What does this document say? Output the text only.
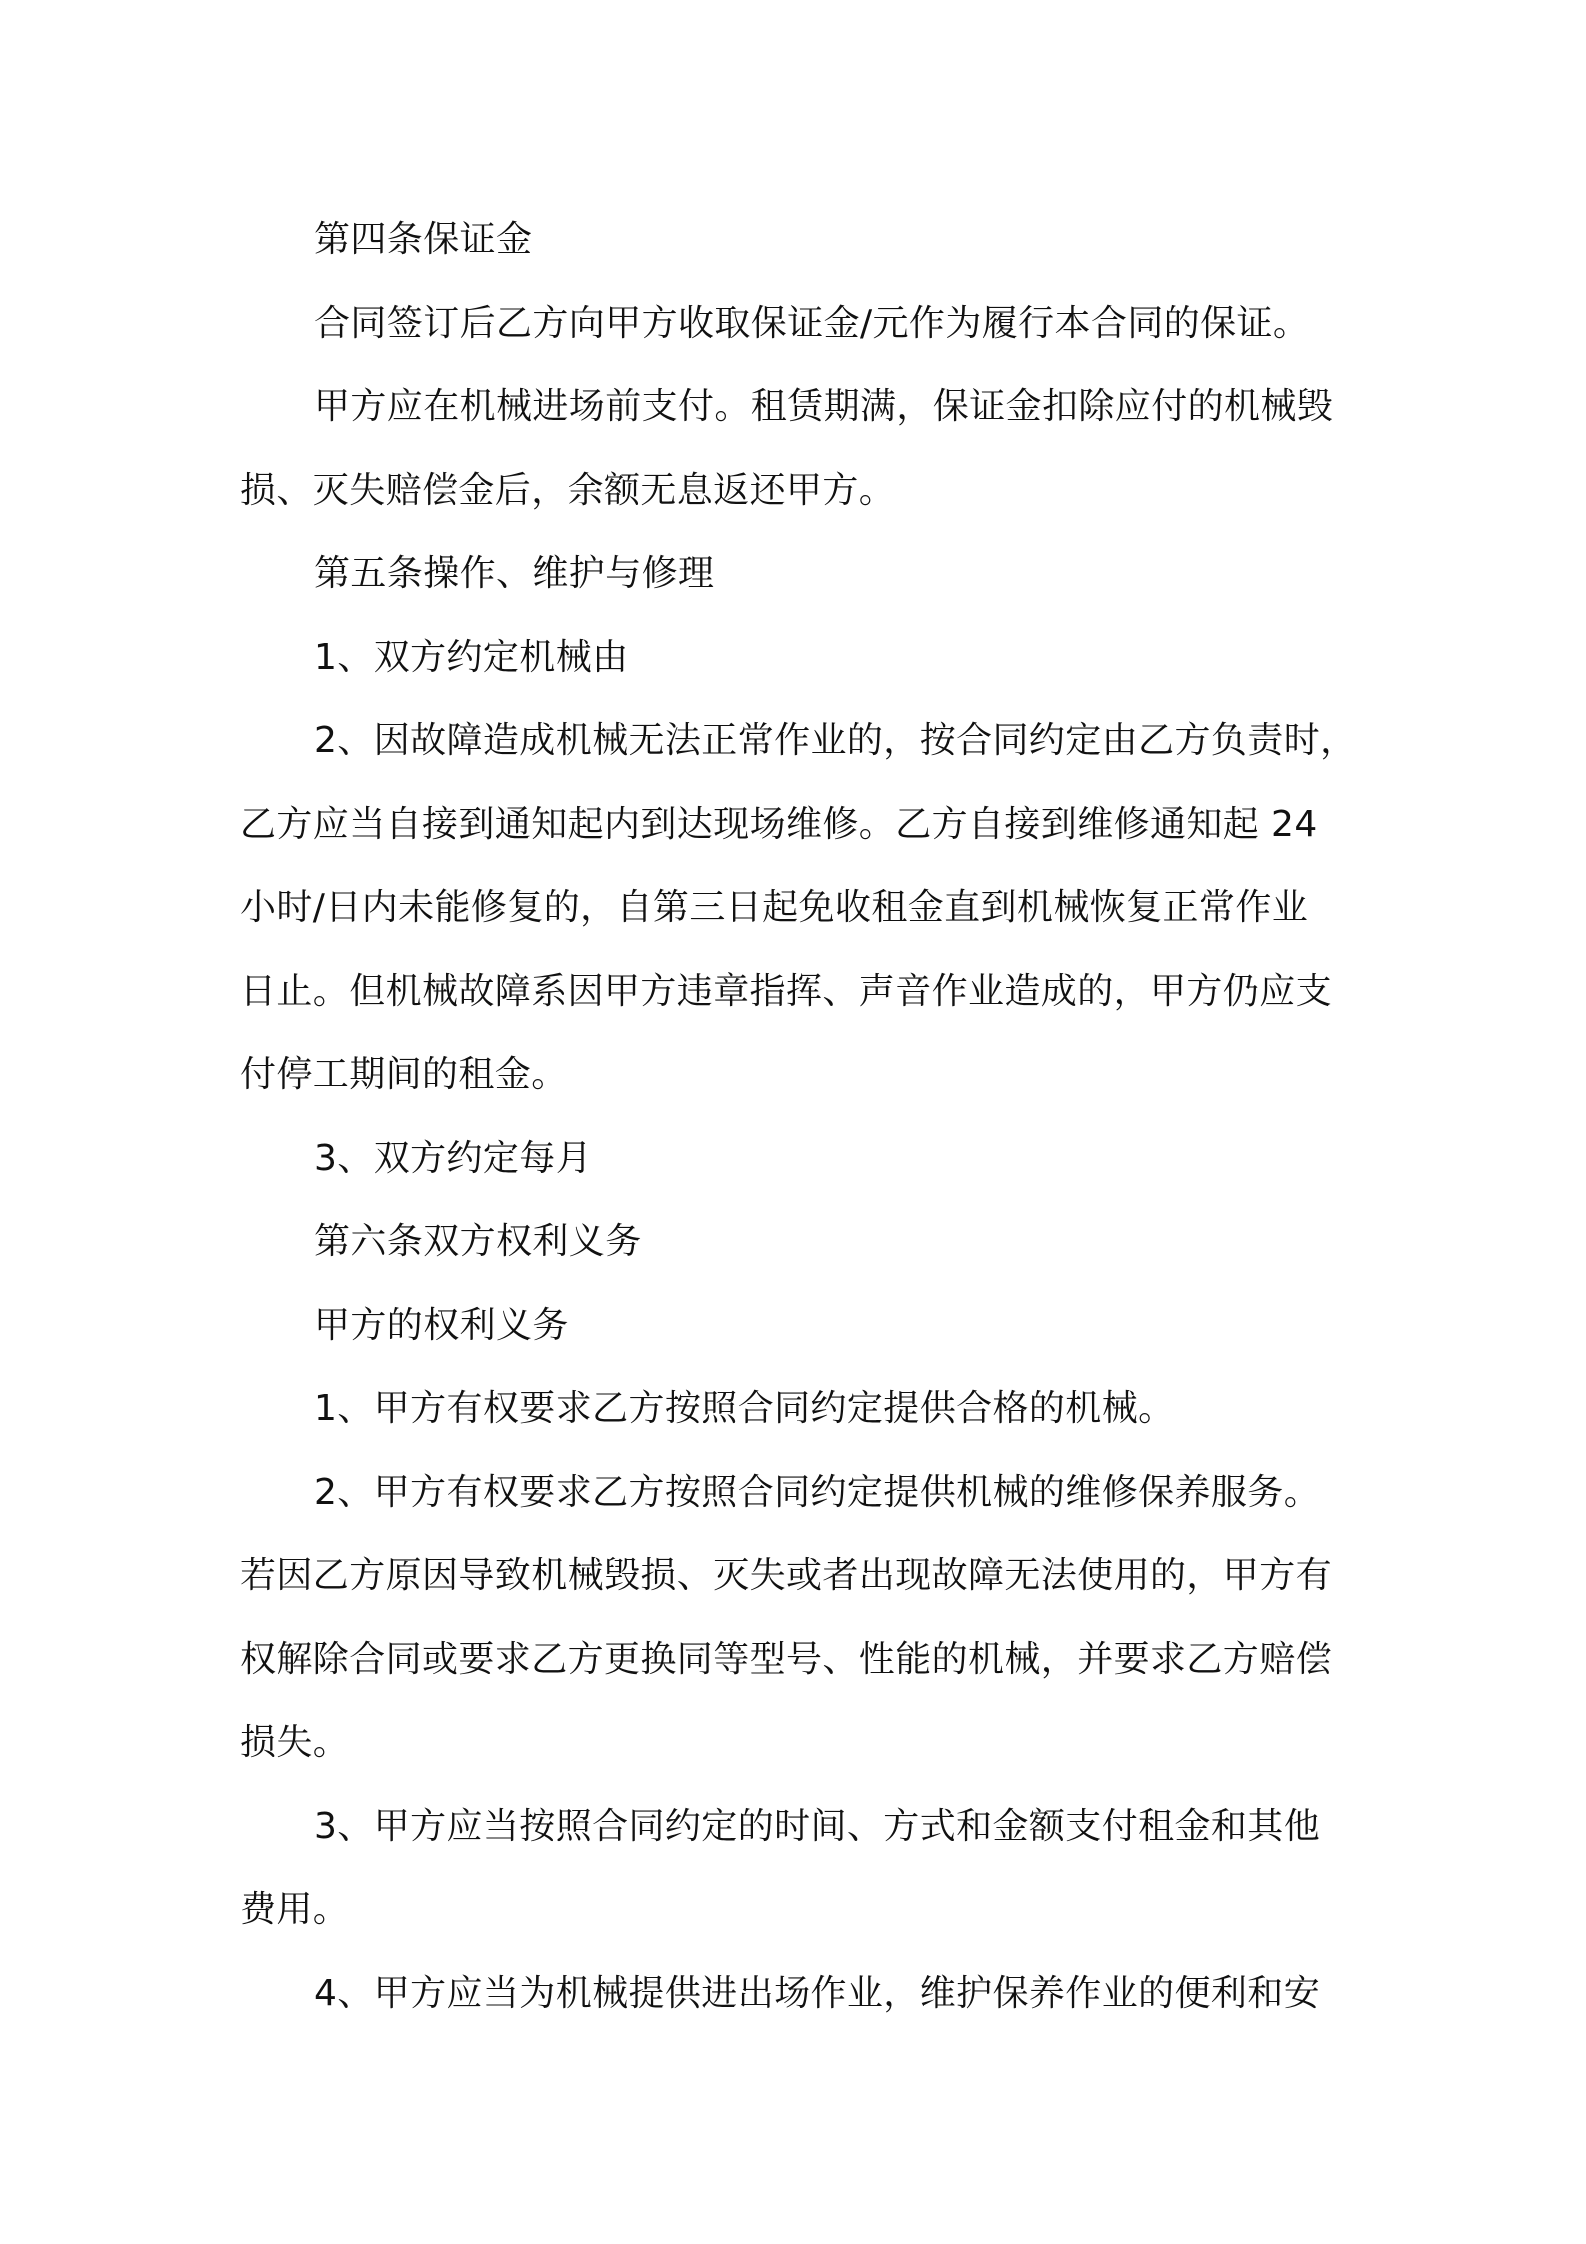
第四条保证金

合同签订后乙方向甲方收取保证金/元作为履行本合同的保证。

甲方应在机械进场前支付。租赁期满，保证金扣除应付的机械毁
损、灭失赔偿金后，余额无息返还甲方。

第五条操作、维护与修理

1、双方约定机械由

2、因故障造成机械无法正常作业的，按合同约定由乙方负责时，
乙方应当自接到通知起内到达现场维修。乙方自接到维修通知起 24
小时/日内未能修复的，自第三日起免收租金直到机械恢复正常作业
日止。但机械故障系因甲方违章指挥、声音作业造成的，甲方仍应支
付停工期间的租金。

3、双方约定每月

第六条双方权利义务

甲方的权利义务

1、甲方有权要求乙方按照合同约定提供合格的机械。

2、甲方有权要求乙方按照合同约定提供机械的维修保养服务。
若因乙方原因导致机械毁损、灭失或者出现故障无法使用的，甲方有
权解除合同或要求乙方更换同等型号、性能的机械，并要求乙方赔偿
损失。

3、甲方应当按照合同约定的时间、方式和金额支付租金和其他
费用。

4、甲方应当为机械提供进出场作业，维护保养作业的便利和安
